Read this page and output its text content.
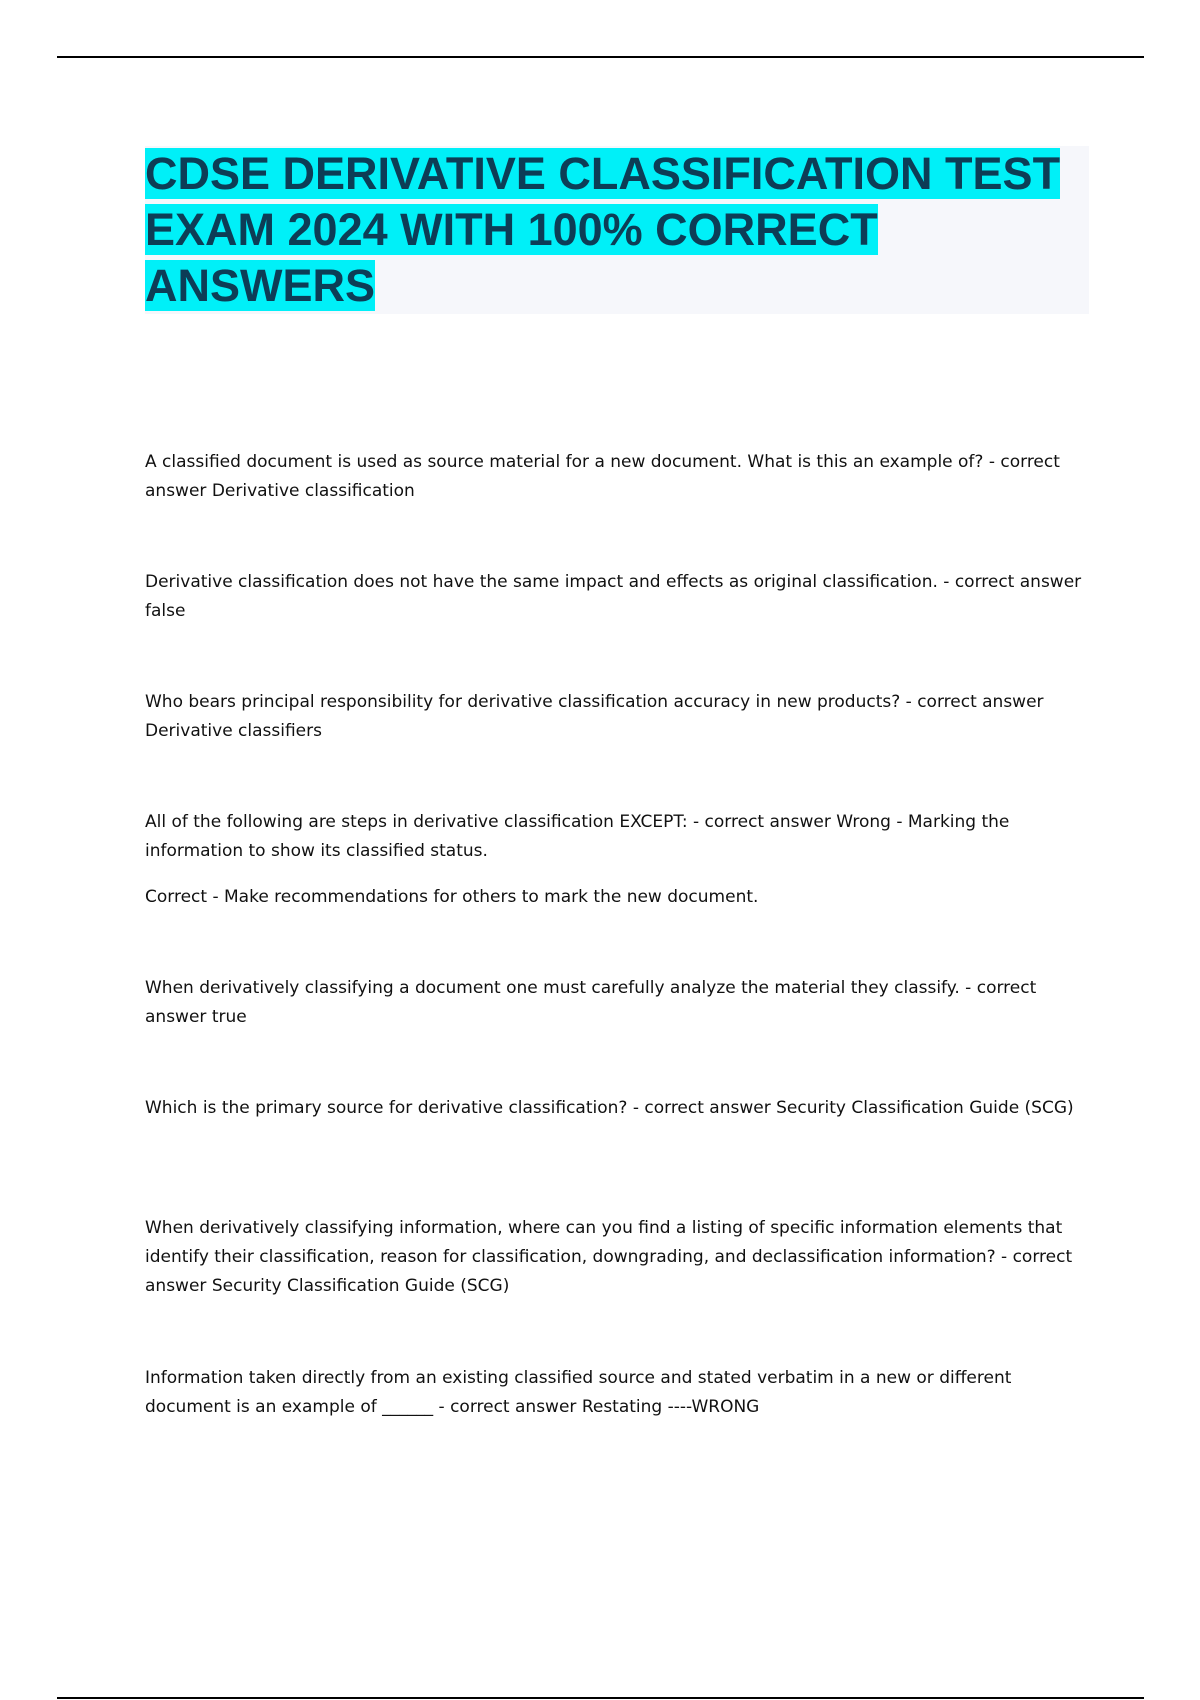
CDSE DERIVATIVE CLASSIFICATION TEST EXAM 2024 WITH 100% CORRECT ANSWERS

A classified document is used as source material for a new document. What is this an example of? - correct answer Derivative classification

Derivative classification does not have the same impact and effects as original classification. - correct answer false

Who bears principal responsibility for derivative classification accuracy in new products? - correct answer Derivative classifiers

All of the following are steps in derivative classification EXCEPT: - correct answer Wrong - Marking the information to show its classified status.

Correct - Make recommendations for others to mark the new document.

When derivatively classifying a document one must carefully analyze the material they classify. - correct answer true

Which is the primary source for derivative classification? - correct answer Security Classification Guide (SCG)

When derivatively classifying information, where can you find a listing of specific information elements that identify their classification, reason for classification, downgrading, and declassification information? - correct answer Security Classification Guide (SCG)

Information taken directly from an existing classified source and stated verbatim in a new or different document is an example of ______ - correct answer Restating ----WRONG
